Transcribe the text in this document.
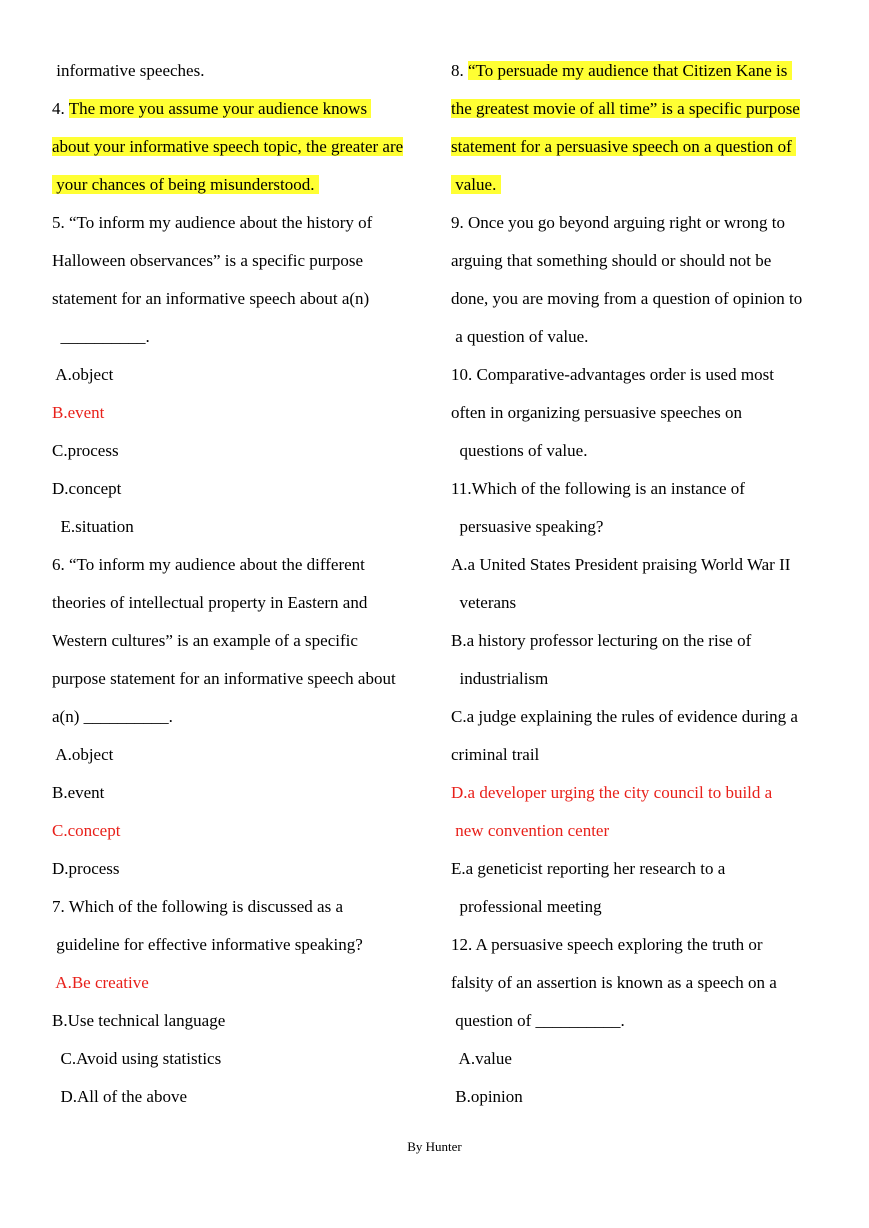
informative speeches.
4. The more you assume your audience knows
about your informative speech topic, the greater are
your chances of being misunderstood.
5. “To inform my audience about the history of
Halloween observances” is a specific purpose
statement for an informative speech about a(n)
__________.
A.object
B.event
C.process
D.concept
E.situation
6. “To inform my audience about the different
theories of intellectual property in Eastern and
Western cultures” is an example of a specific
purpose statement for an informative speech about
a(n) __________.
A.object
B.event
C.concept
D.process
7. Which of the following is discussed as a
guideline for effective informative speaking?
A.Be creative
B.Use technical language
C.Avoid using statistics
D.All of the above
8. “To persuade my audience that Citizen Kane is
the greatest movie of all time” is a specific purpose
statement for a persuasive speech on a question of
value.
9. Once you go beyond arguing right or wrong to
arguing that something should or should not be
done, you are moving from a question of opinion to
a question of value.
10. Comparative-advantages order is used most
often in organizing persuasive speeches on
questions of value.
11.Which of the following is an instance of
persuasive speaking?
A.a United States President praising World War II
veterans
B.a history professor lecturing on the rise of
industrialism
C.a judge explaining the rules of evidence during a
criminal trail
D.a developer urging the city council to build a
new convention center
E.a geneticist reporting her research to a
professional meeting
12. A persuasive speech exploring the truth or
falsity of an assertion is known as a speech on a
question of __________.
A.value
B.opinion
By Hunter
